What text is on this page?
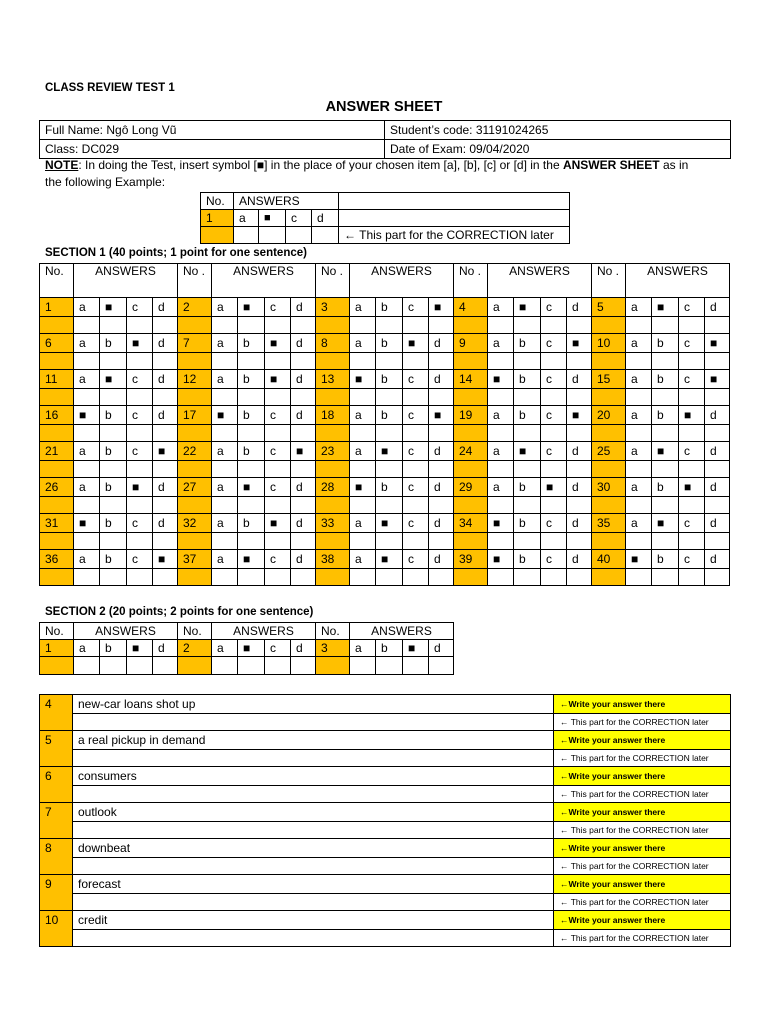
CLASS REVIEW TEST 1
ANSWER SHEET
Full Name: Ngô Long Vũ	Student’s code: 31191024265
Class: DC029	Date of Exam: 09/04/2020
NOTE: In doing the Test, insert symbol [■] in the place of your chosen item [a], [b], [c] or [d] in the ANSWER SHEET as in
the following Example:
No.	ANSWERS				
1	a	■	c	d	
					← This part for the CORRECTION later
SECTION 1 (40 points; 1 point for one sentence)
No.	ANSWERS				No .	ANSWERS				No .	ANSWERS				No .	ANSWERS				No .	ANSWERS			
1	a	■	c	d	2	a	■	c	d	3	a	b	c	■	4	a	■	c	d	5	a	■	c	d

6	a	b	■	d	7	a	b	■	d	8	a	b	■	d	9	a	b	c	■	10	a	b	c	■

11	a	■	c	d	12	a	b	■	d	13	■	b	c	d	14	■	b	c	d	15	a	b	c	■

16	■	b	c	d	17	■	b	c	d	18	a	b	c	■	19	a	b	c	■	20	a	b	■	d

21	a	b	c	■	22	a	b	c	■	23	a	■	c	d	24	a	■	c	d	25	a	■	c	d

26	a	b	■	d	27	a	■	c	d	28	■	b	c	d	29	a	b	■	d	30	a	b	■	d

31	■	b	c	d	32	a	b	■	d	33	a	■	c	d	34	■	b	c	d	35	a	■	c	d

36	a	b	c	■	37	a	■	c	d	38	a	■	c	d	39	■	b	c	d	40	■	b	c	d

SECTION 2 (20 points; 2 points for one sentence)
No.	ANSWERS				No.	ANSWERS				No.	ANSWERS			
1	a	b	■	d	2	a	■	c	d	3	a	b	■	d

4	new-car loans shot up	←Write your answer there
		← This part for the CORRECTION later
5	a real pickup in demand	←Write your answer there
		← This part for the CORRECTION later
6	consumers	←Write your answer there
		← This part for the CORRECTION later
7	outlook	←Write your answer there
		← This part for the CORRECTION later
8	downbeat	←Write your answer there
		← This part for the CORRECTION later
9	forecast	←Write your answer there
		← This part for the CORRECTION later
10	credit	←Write your answer there
		← This part for the CORRECTION later
